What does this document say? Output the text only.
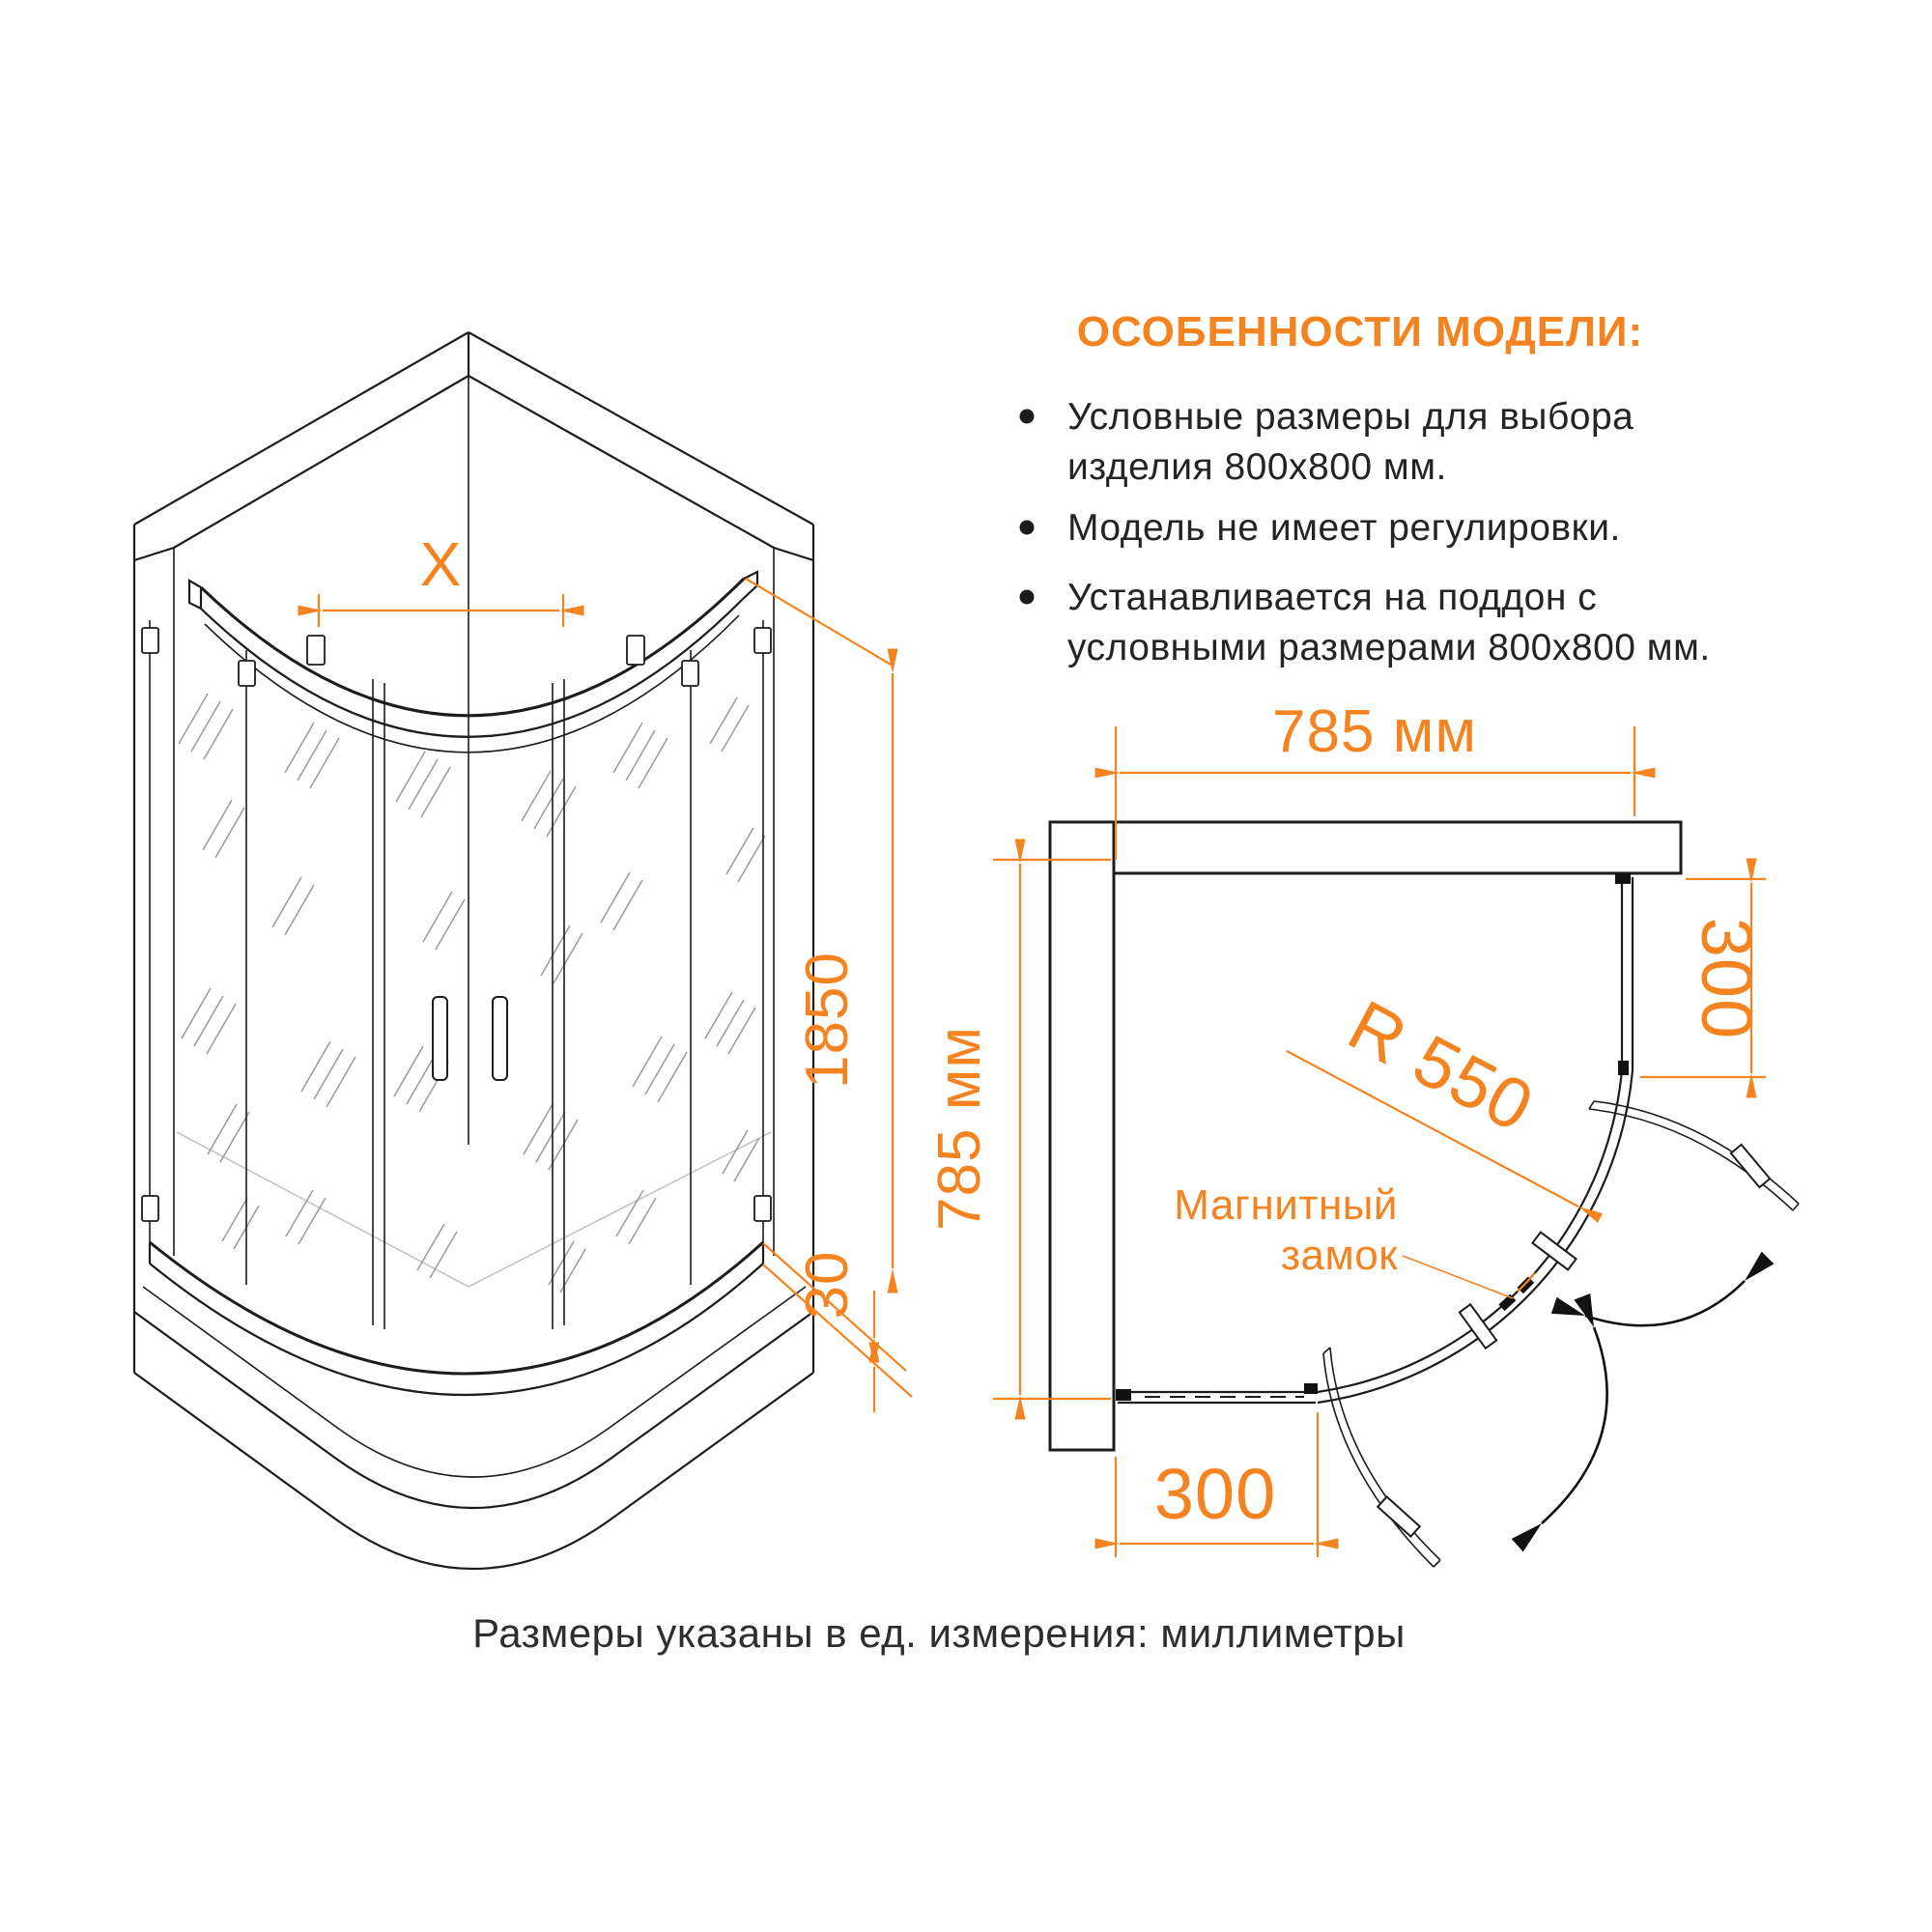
X
1850
30
785 мм
785 мм
300
300
R 550
Магнитный
замок
ОСОБЕННОСТИ МОДЕЛИ:
Условные размеры для выбора
изделия 800х800 мм.
Модель не имеет регулировки.
Устанавливается на поддон с
условными размерами 800х800 мм.
Размеры указаны в ед. измерения: миллиметры
